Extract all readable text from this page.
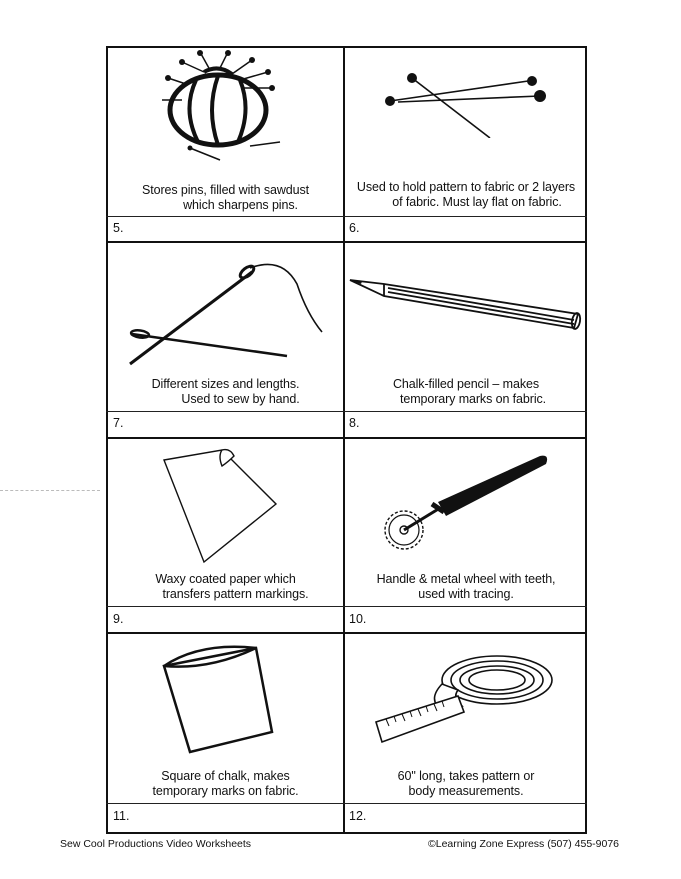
Stores pins, filled with sawdust
which sharpens pins.
5.
Used to hold pattern to fabric or 2 layers
of fabric. Must lay flat on fabric.
6.
Different sizes and lengths.
Used to sew by hand.
7.
Chalk-filled pencil – makes
temporary marks on fabric.
8.
Waxy coated paper which
transfers pattern markings.
9.
Handle & metal wheel with teeth,
used with tracing.
10.
Square of chalk, makes
temporary marks on fabric.
11.
60" long, takes pattern or
body measurements.
12.
Sew Cool Productions Video Worksheets	©Learning Zone Express (507) 455-9076
